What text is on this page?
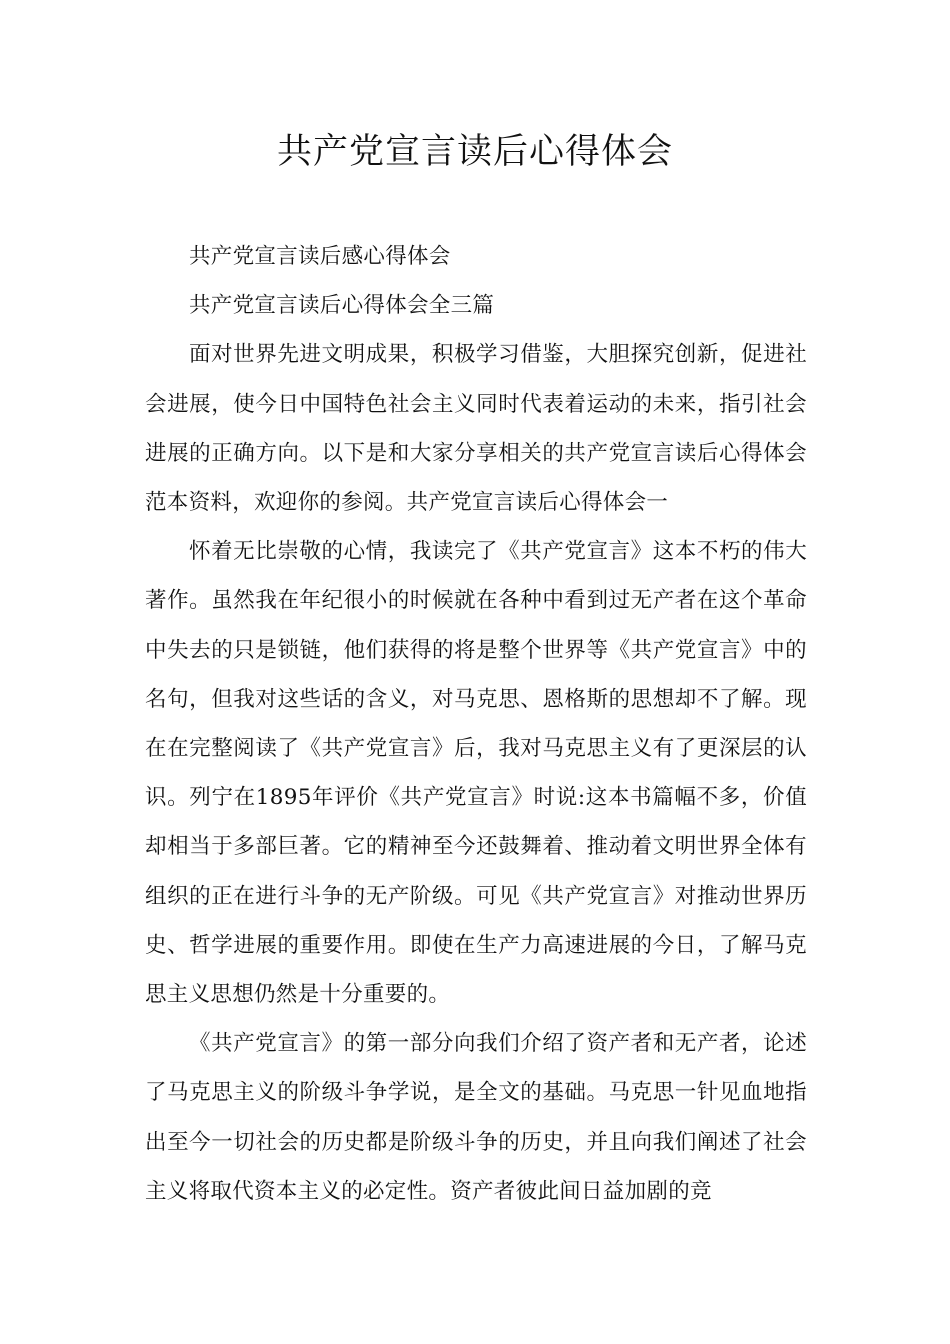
共产党宣言读后心得体会

共产党宣言读后感心得体会

共产党宣言读后心得体会全三篇

面对世界先进文明成果，积极学习借鉴，大胆探究创新，促进社会进展，使今日中国特色社会主义同时代表着运动的未来，指引社会进展的正确方向。以下是和大家分享相关的共产党宣言读后心得体会范本资料，欢迎你的参阅。共产党宣言读后心得体会一

怀着无比崇敬的心情，我读完了《共产党宣言》这本不朽的伟大著作。虽然我在年纪很小的时候就在各种中看到过无产者在这个革命中失去的只是锁链，他们获得的将是整个世界等《共产党宣言》中的名句，但我对这些话的含义，对马克思、恩格斯的思想却不了解。现在在完整阅读了《共产党宣言》后，我对马克思主义有了更深层的认识。列宁在1895年评价《共产党宣言》时说:这本书篇幅不多，价值却相当于多部巨著。它的精神至今还鼓舞着、推动着文明世界全体有组织的正在进行斗争的无产阶级。可见《共产党宣言》对推动世界历史、哲学进展的重要作用。即使在生产力高速进展的今日，了解马克思主义思想仍然是十分重要的。

《共产党宣言》的第一部分向我们介绍了资产者和无产者，论述了马克思主义的阶级斗争学说，是全文的基础。马克思一针见血地指出至今一切社会的历史都是阶级斗争的历史，并且向我们阐述了社会主义将取代资本主义的必定性。资产者彼此间日益加剧的竞
